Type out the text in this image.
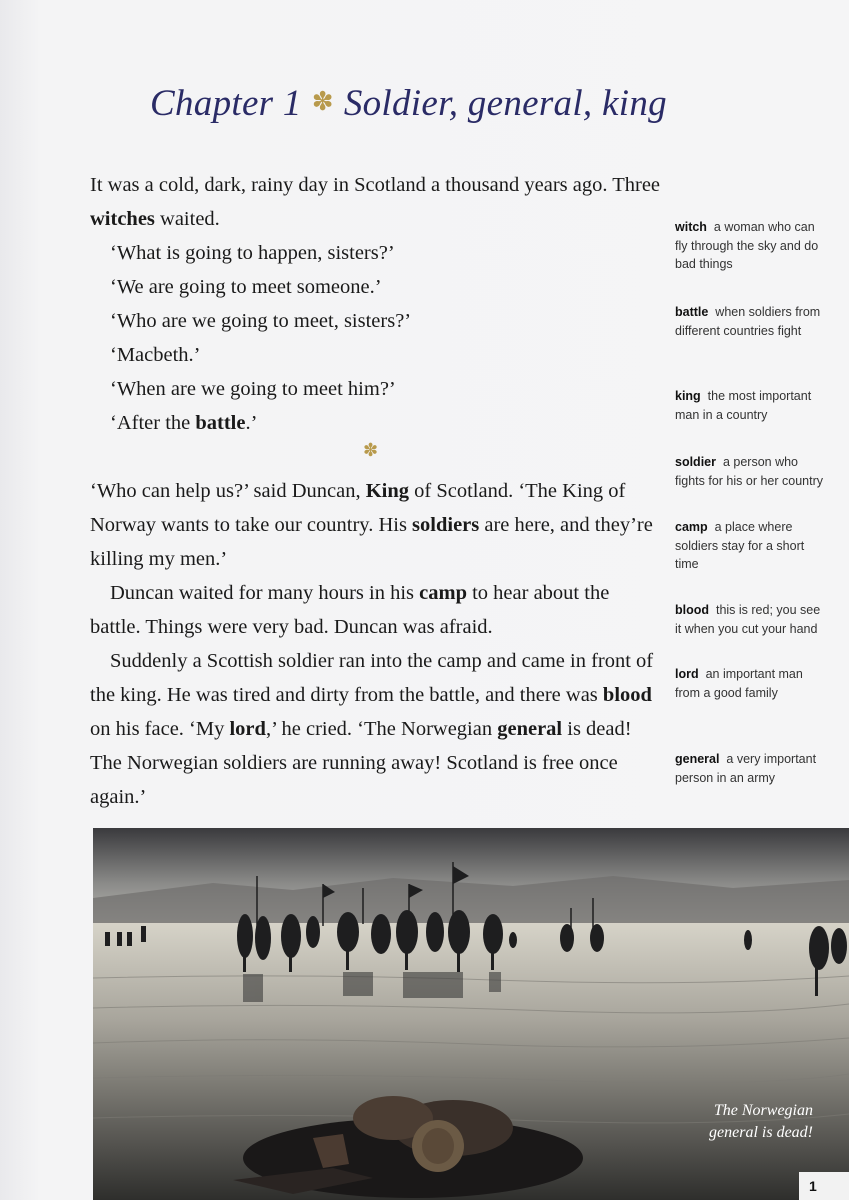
Chapter 1 ✽ Soldier, general, king

It was a cold, dark, rainy day in Scotland a thousand years ago. Three witches waited.

‘What is going to happen, sisters?’

‘We are going to meet someone.’

‘Who are we going to meet, sisters?’

‘Macbeth.’

‘When are we going to meet him?’

‘After the battle.’

✽

‘Who can help us?’ said Duncan, King of Scotland. ‘The King of Norway wants to take our country. His soldiers are here, and they’re killing my men.’

Duncan waited for many hours in his camp to hear about the battle. Things were very bad. Duncan was afraid.

Suddenly a Scottish soldier ran into the camp and came in front of the king. He was tired and dirty from the battle, and there was blood on his face. ‘My lord,’ he cried. ‘The Norwegian general is dead! The Norwegian soldiers are running away! Scotland is free once again.’

witch a woman who can fly through the sky and do bad things
battle when soldiers from different countries fight
king the most important man in a country
soldier a person who fights for his or her country
camp a place where soldiers stay for a short time
blood this is red; you see it when you cut your hand
lord an important man from a good family
general a very important person in an army
The Norwegian
general is dead!
1
